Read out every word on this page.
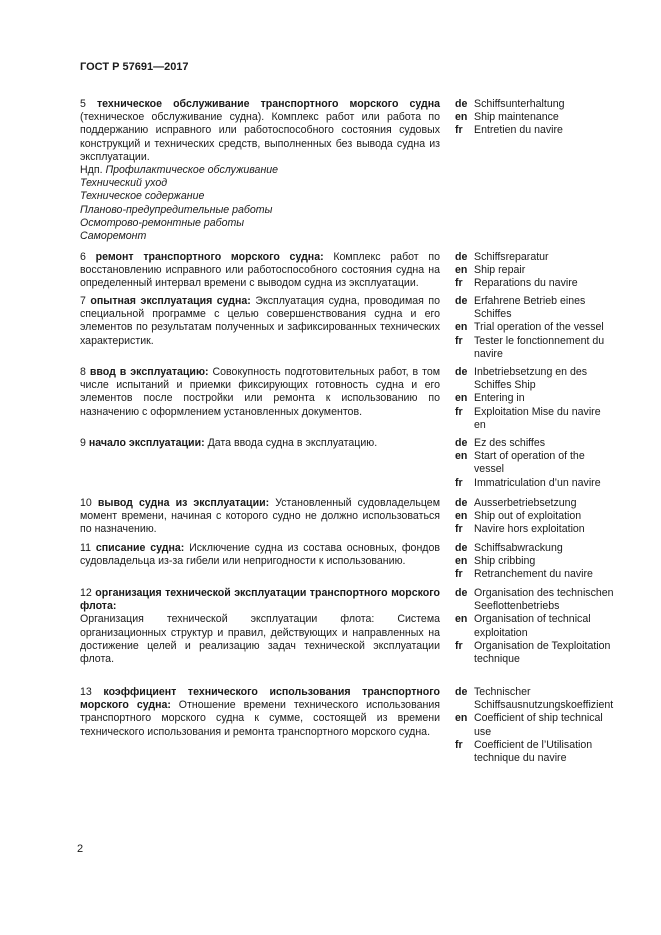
ГОСТ Р 57691—2017

5 техническое обслуживание транспортного морского судна (техническое обслуживание судна). Комплекс работ или работа по поддержанию исправного или работоспособного состояния судовых конструкций и технических средств, выполненных без вывода судна из эксплуатации.

Ндп. Профилактическое обслуживание

Технический уход

Техническое содержание

Планово-предупредительные работы

Осмотрово-ремонтные работы

Саморемонт

de Schiffsunterhaltung
en Ship maintenance
fr	Entretien du navire

6 ремонт транспортного морского судна: Комплекс работ по восстановлению исправного или работоспособного состояния судна на определенный интервал времени с выводом судна из эксплуатации.

de Schiffsreparatur
en Ship repair
fr	Reparations du navire

7 опытная эксплуатация судна: Эксплуатация судна, проводимая по специальной программе с целью совершенствования судна и его элементов по результатам полученных и зафиксированных технических характеристик.

de Erfahrene Betrieb eines Schiffes
en Trial operation of the vessel
fr	Tester le fonctionnement du navire

8 ввод в эксплуатацию: Совокупность подготовительных работ, в том числе испытаний и приемки фиксирующих готовность судна и его элементов после постройки или ремонта к использованию по назначению с оформлением установленных документов.

de Inbetriebsetzung en des Schiffes Ship
en Entering in
fr	Exploitation Mise du navire en

9 начало эксплуатации: Дата ввода судна в эксплуатацию.	de Ez des schiffes
en Start of operation of the vessel
fr	Immatriculation d’un navire

10 вывод судна из эксплуатации: Установленный судовладельцем момент времени, начиная с которого судно не должно использоваться по назначению.

de Ausserbetriebsetzung
en Ship out of exploitation
fr	Navire hors exploitation

11 списание судна: Исключение судна из состава основных, фондов судовладельца из-за гибели или непригодности к использованию.

de Schiffsabwrackung
en Ship cribbing
fr	Retranchement du navire

12 организация технической эксплуатации транспортного морского флота:

Организация технической эксплуатации флота: Система организационных структур и правил, действующих и направленных на достижение целей и реализацию задач технической эксплуатации флота.

de Organisation des technischen Seeflottenbetriebs
en Organisation of technical exploitation
fr	Organisation de Texploitation technique

13 коэффициент технического использования транспортного морского судна: Отношение времени технического использования транспортного морского судна к сумме, состоящей из времени технического использования и ремонта транспортного морского судна.

de Technischer Schiffsausnutzungskoeffizient
en Coefficient of ship technical use
fr	Coefficient de l’Utilisation technique du navire
2
